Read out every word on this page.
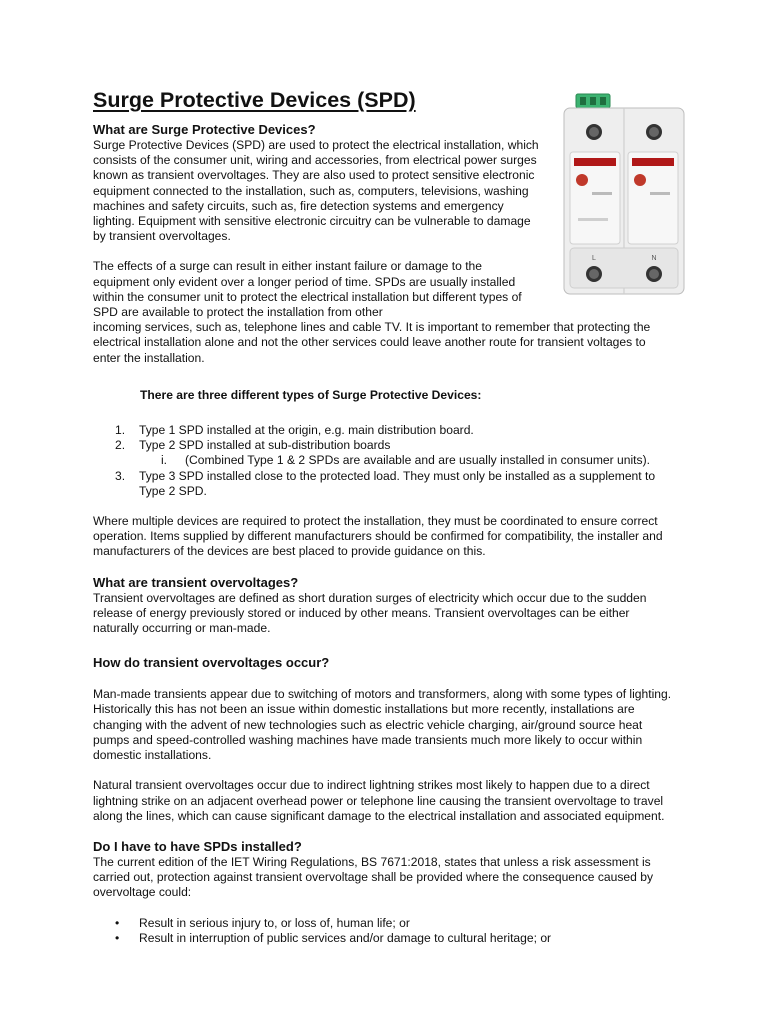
Surge Protective Devices (SPD)
What are Surge Protective Devices?

Surge Protective Devices (SPD) are used to protect the electrical installation, which consists of the consumer unit, wiring and accessories, from electrical power surges known as transient overvoltages. They are also used to protect sensitive electronic equipment connected to the installation, such as, computers, televisions, washing machines and safety circuits, such as, fire detection systems and emergency lighting. Equipment with sensitive electronic circuitry can be vulnerable to damage by transient overvoltages.

The effects of a surge can result in either instant failure or damage to the equipment only evident over a longer period of time. SPDs are usually installed within the consumer unit to protect the electrical installation but different types of SPD are available to protect the installation from other

incoming services, such as, telephone lines and cable TV. It is important to remember that protecting the electrical installation alone and not the other services could leave another route for transient voltages to enter the installation.

There are three different types of Surge Protective Devices:

1. Type 1 SPD installed at the origin, e.g. main distribution board.
2. Type 2 SPD installed at sub-distribution boards
i. (Combined Type 1 & 2 SPDs are available and are usually installed in consumer units).
3. Type 3 SPD installed close to the protected load. They must only be installed as a supplement to Type 2 SPD.

Where multiple devices are required to protect the installation, they must be coordinated to ensure correct operation. Items supplied by different manufacturers should be confirmed for compatibility, the installer and manufacturers of the devices are best placed to provide guidance on this.

What are transient overvoltages?

Transient overvoltages are defined as short duration surges of electricity which occur due to the sudden release of energy previously stored or induced by other means. Transient overvoltages can be either naturally occurring or man-made.

How do transient overvoltages occur?

Man-made transients appear due to switching of motors and transformers, along with some types of lighting. Historically this has not been an issue within domestic installations but more recently, installations are changing with the advent of new technologies such as electric vehicle charging, air/ground source heat pumps and speed-controlled washing machines have made transients much more likely to occur within domestic installations.

Natural transient overvoltages occur due to indirect lightning strikes most likely to happen due to a direct lightning strike on an adjacent overhead power or telephone line causing the transient overvoltage to travel along the lines, which can cause significant damage to the electrical installation and associated equipment.

Do I have to have SPDs installed?

The current edition of the IET Wiring Regulations, BS 7671:2018, states that unless a risk assessment is carried out, protection against transient overvoltage shall be provided where the consequence caused by overvoltage could:

• Result in serious injury to, or loss of, human life; or
• Result in interruption of public services and/or damage to cultural heritage; or
L	N
